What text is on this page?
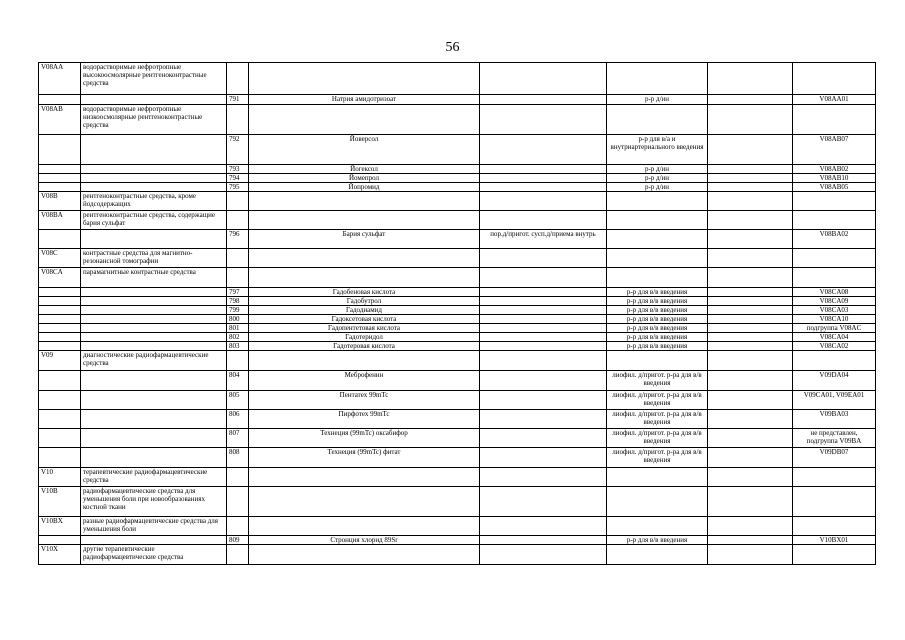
56
V08AA	водорастворимые нефротропные высокоосмолярные рентгеноконтрастные средства						
		791	Натрия амидотризоат		р-р д/ин		V08AA01
V08AB	водорастворимые нефротропные низкоосмолярные рентгеноконтрастные средства						
		792	Йоверсол		р-р для в/а и внутриартериального введения		V08AB07
		793	Йогексол		р-р д/ин		V08AB02
		794	Йомепрол		р-р д/ин		V08AB10
		795	Йопромид		р-р д/ин		V08AB05
V08B	рентгеноконтрастные средства, кроме йодсодержащих						
V08BA	рентгеноконтрастные средства, содержащие бария сульфат						
		796	Бария сульфат	пор.д/пригот. сусп.д/приема внутрь			V08BA02
V08C	контрастные средства для магнитно-резонансной томографии						
V08CA	парамагнитные контрастные средства						
		797	Гадобеновая кислота		р-р для в/в введения		V08CA08
		798	Гадобутрол		р-р для в/в введения		V08CA09
		799	Гадодиамид		р-р для в/в введения		V08CA03
		800	Гадоксетовая кислота		р-р для в/в введения		V08CA10
		801	Гадопентетовая кислота		р-р для в/в введения		подгруппа V08AC
		802	Гадотеридол		р-р для в/в введения		V08CA04
		803	Гадотеровая кислота		р-р для в/в введения		V08CA02
V09	диагностические радиофармацевтические средства						
		804	Меброфенин		лиофил. д/пригот. р-ра для в/в введения		V09DA04
		805	Пентатех 99mTc		лиофил. д/пригот. р-ра для в/в введения		V09CA01, V09EA01
		806	Пирфотех 99mTc		лиофил. д/пригот. р-ра для в/в введения		V09BA03
		807	Технеция (99mTc) оксабифор		лиофил. д/пригот. р-ра для в/в введения		не представлен, подгруппа V09BA
		808	Технеция (99mTc) фитат		лиофил. д/пригот. р-ра для в/в введения		V09DB07
V10	терапевтические радиофармацевтические средства						
V10B	радиофармацевтические средства для уменьшения боли при новообразованиях костной ткани						
V10BX	разные радиофармацевтические средства для уменьшения боли						
		809	Стронция хлорид 89Sr		р-р для в/в введения		V10BX01
V10X	другие терапевтические радиофармацевтические средства						
